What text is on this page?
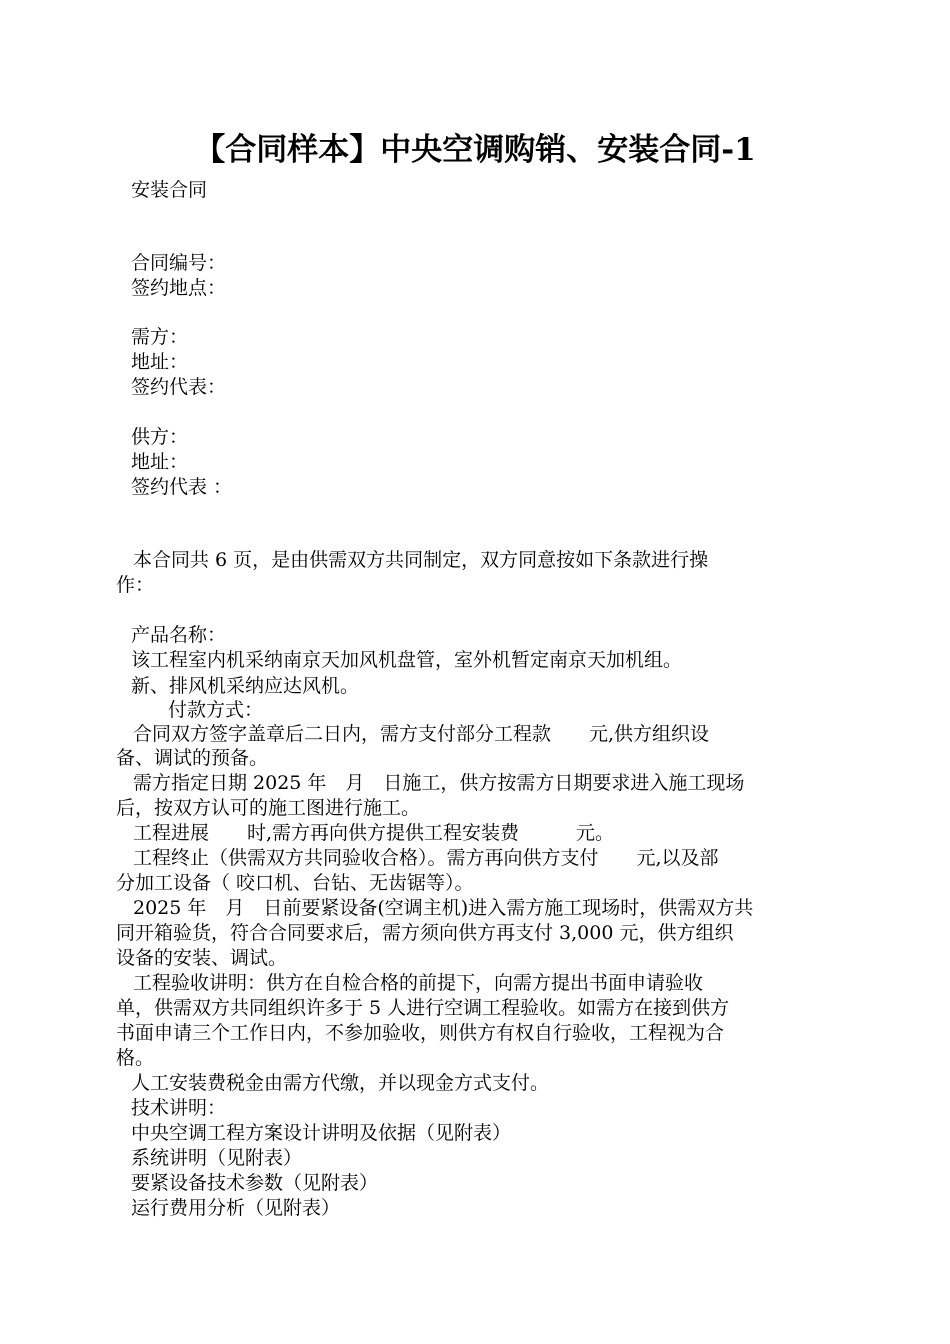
【合同样本】中央空调购销、安装合同-1
安装合同
合同编号：
签约地点：
需方：
地址：
签约代表：
供方：
地址：
签约代表 ：
本合同共 6 页，是由供需双方共同制定，双方同意按如下条款进行操
作：
产品名称：
该工程室内机采纳南京天加风机盘管，室外机暂定南京天加机组。
新、排风机采纳应达风机。
付款方式：
合同双方签字盖章后二日内，需方支付部分工程款　　元,供方组织设
备、调试的预备。
需方指定日期 2025 年　月　日施工，供方按需方日期要求进入施工现场
后，按双方认可的施工图进行施工。
工程进展　　时,需方再向供方提供工程安装费　　　元。
工程终止（供需双方共同验收合格）。需方再向供方支付　　元,以及部
分加工设备（ 咬口机、台钻、无齿锯等）。
2025 年　月　日前要紧设备(空调主机)进入需方施工现场时，供需双方共
同开箱验货，符合合同要求后，需方须向供方再支付 3,000 元，供方组织
设备的安装、调试。
工程验收讲明：供方在自检合格的前提下，向需方提出书面申请验收
单，供需双方共同组织许多于 5 人进行空调工程验收。如需方在接到供方
书面申请三个工作日内，不参加验收，则供方有权自行验收，工程视为合
格。
人工安装费税金由需方代缴，并以现金方式支付。
技术讲明：
中央空调工程方案设计讲明及依据（见附表）
系统讲明（见附表）
要紧设备技术参数（见附表）
运行费用分析（见附表）
